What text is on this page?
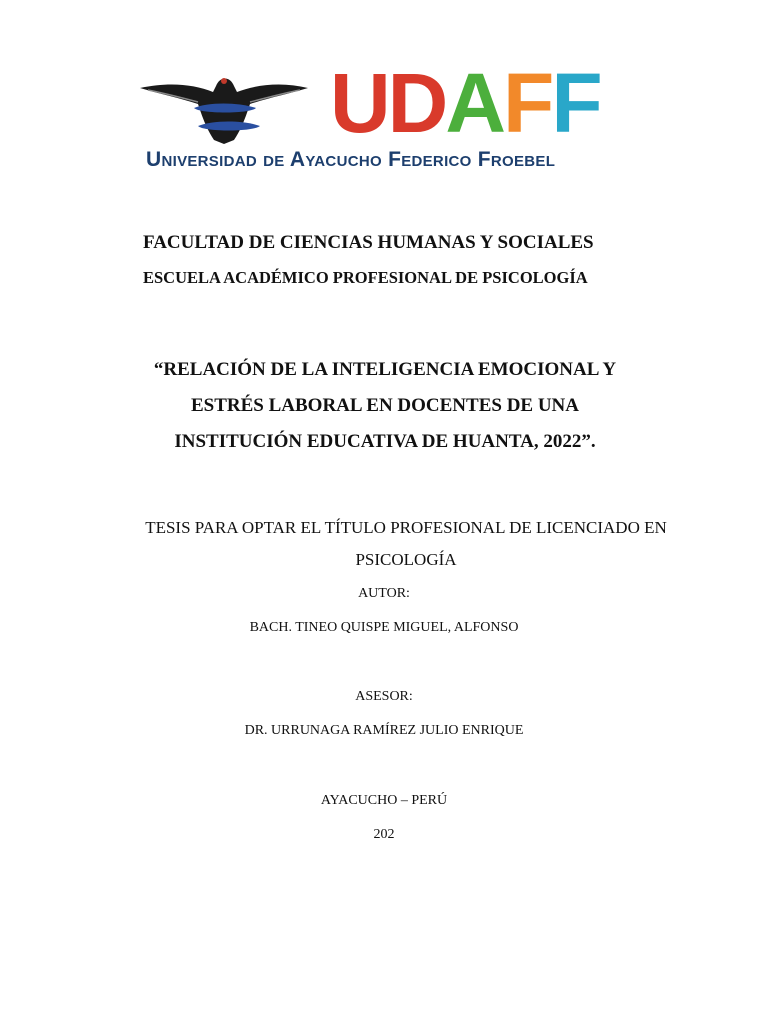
U D A F F
Universidad de Ayacucho Federico Froebel
FACULTAD DE CIENCIAS HUMANAS Y SOCIALES
ESCUELA ACADÉMICO PROFESIONAL DE PSICOLOGÍA
“RELACIÓN DE LA INTELIGENCIA EMOCIONAL Y
ESTRÉS LABORAL EN DOCENTES DE UNA
INSTITUCIÓN EDUCATIVA DE HUANTA, 2022”.
TESIS PARA OPTAR EL TÍTULO PROFESIONAL DE LICENCIADO EN
PSICOLOGÍA
AUTOR:
BACH. TINEO QUISPE MIGUEL, ALFONSO
ASESOR:
DR. URRUNAGA RAMÍREZ JULIO ENRIQUE
AYACUCHO – PERÚ
202
